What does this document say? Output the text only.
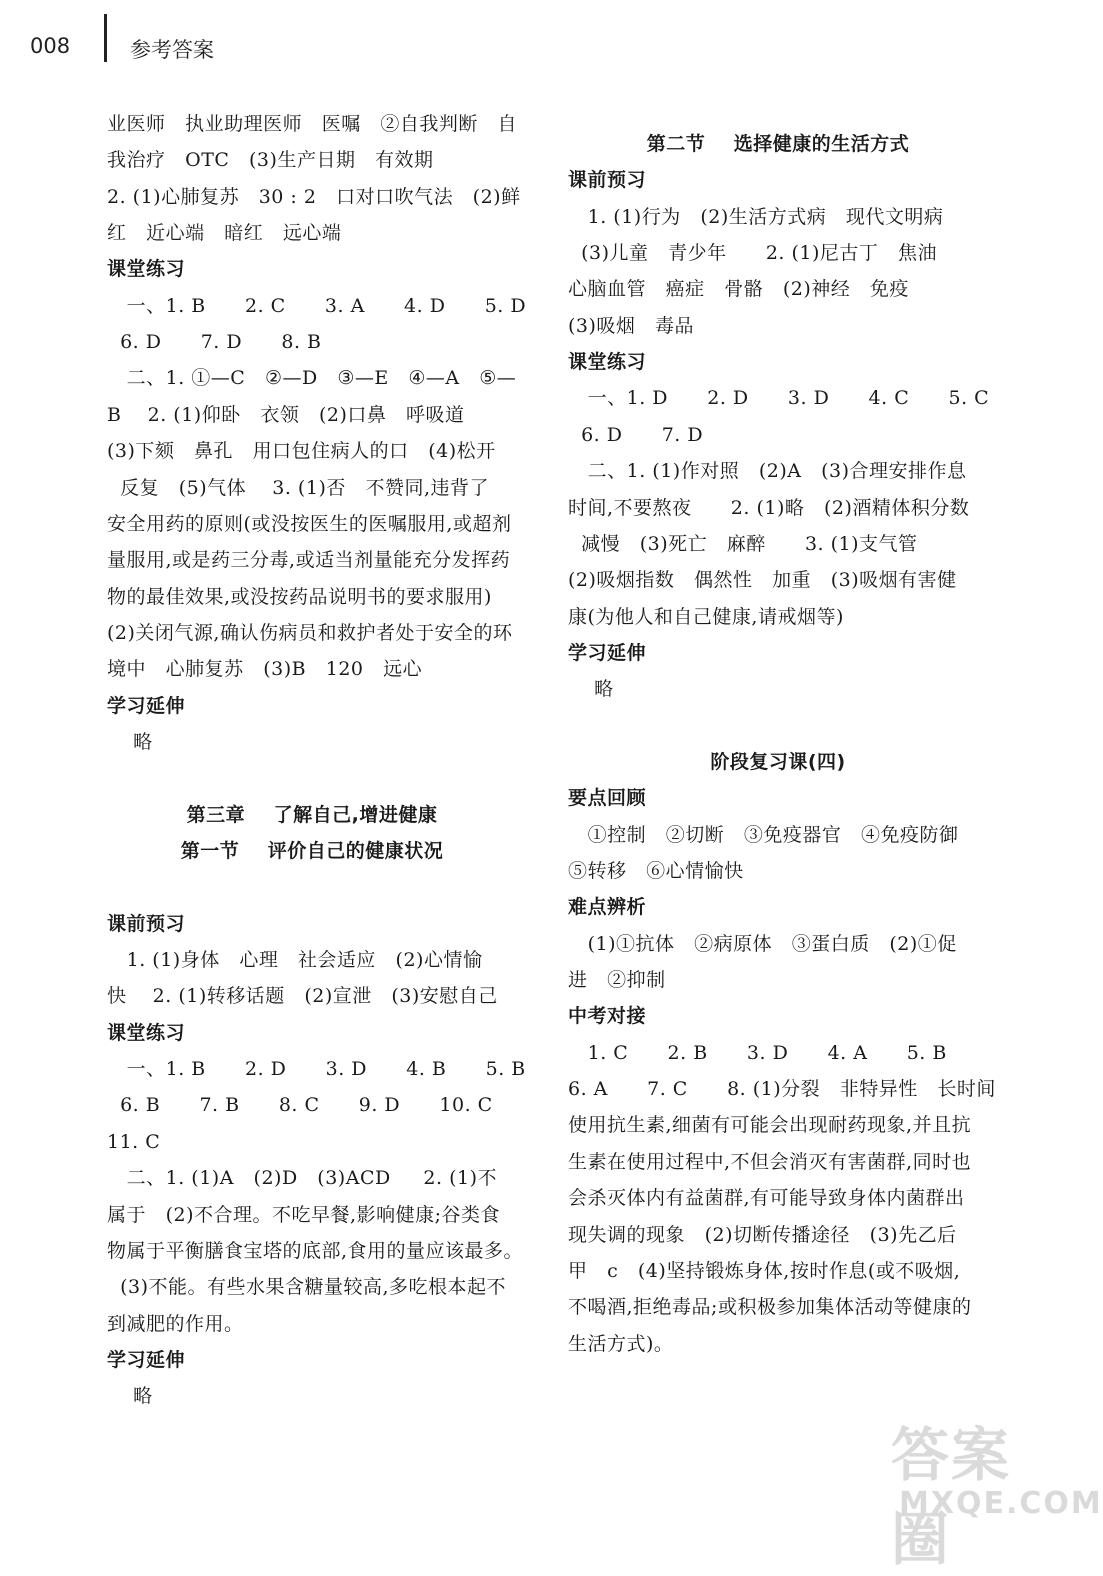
008	参考答案
业医师   执业助理医师   医嘱   ②自我判断   自
我治疗   OTC   (3)生产日期   有效期
2. (1)心肺复苏   30 : 2   口对口吹气法   (2)鲜
红   近心端   暗红   远心端
课堂练习
一、1. B      2. C      3. A      4. D      5. D
6. D      7. D      8. B
二、1. ①—C   ②—D   ③—E   ④—A   ⑤—
B    2. (1)仰卧   衣领   (2)口鼻   呼吸道
(3)下颏   鼻孔   用口包住病人的口   (4)松开
反复   (5)气体    3. (1)否   不赞同,违背了
安全用药的原则(或没按医生的医嘱服用,或超剂
量服用,或是药三分毒,或适当剂量能充分发挥药
物的最佳效果,或没按药品说明书的要求服用)
(2)关闭气源,确认伤病员和救护者处于安全的环
境中   心肺复苏   (3)B   120   远心
学习延伸
略
第三章    了解自己,增进健康
第一节    评价自己的健康状况
课前预习
1. (1)身体   心理   社会适应   (2)心情愉
快    2. (1)转移话题   (2)宣泄   (3)安慰自己
课堂练习
一、1. B      2. D      3. D      4. B      5. B
6. B      7. B      8. C      9. D      10. C
11. C
二、1. (1)A   (2)D   (3)ACD     2. (1)不
属于   (2)不合理。不吃早餐,影响健康;谷类食
物属于平衡膳食宝塔的底部,食用的量应该最多。
(3)不能。有些水果含糖量较高,多吃根本起不
到减肥的作用。
学习延伸
略
第二节    选择健康的生活方式
课前预习
1. (1)行为   (2)生活方式病   现代文明病
(3)儿童   青少年      2. (1)尼古丁   焦油
心脑血管   癌症   骨骼   (2)神经   免疫
(3)吸烟   毒品
课堂练习
一、1. D      2. D      3. D      4. C      5. C
6. D      7. D
二、1. (1)作对照   (2)A   (3)合理安排作息
时间,不要熬夜      2. (1)略   (2)酒精体积分数
减慢   (3)死亡   麻醉      3. (1)支气管
(2)吸烟指数   偶然性   加重   (3)吸烟有害健
康(为他人和自己健康,请戒烟等)
学习延伸
略
阶段复习课(四)
要点回顾
①控制   ②切断   ③免疫器官   ④免疫防御
⑤转移   ⑥心情愉快
难点辨析
(1)①抗体   ②病原体   ③蛋白质   (2)①促
进   ②抑制
中考对接
1. C      2. B      3. D      4. A      5. B
6. A      7. C      8. (1)分裂   非特异性   长时间
使用抗生素,细菌有可能会出现耐药现象,并且抗
生素在使用过程中,不但会消灭有害菌群,同时也
会杀灭体内有益菌群,有可能导致身体内菌群出
现失调的现象   (2)切断传播途径   (3)先乙后
甲   c   (4)坚持锻炼身体,按时作息(或不吸烟,
不喝酒,拒绝毒品;或积极参加集体活动等健康的
生活方式)。
答案圈
MXQE.COM
